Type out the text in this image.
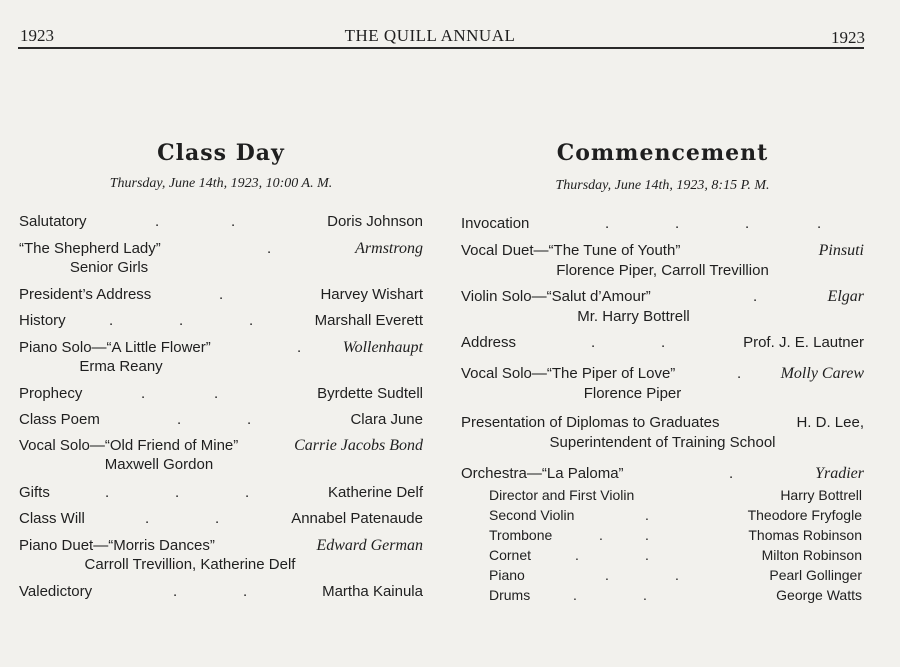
1923	THE QUILL ANNUAL	1923
Class Day
Thursday, June 14th, 1923, 10:00 A. M.
Salutatory	.	.	Doris Johnson
“The Shepherd Lady”	.	Armstrong
Senior Girls
President’s Address	.	Harvey Wishart
History	.	.	.	Marshall Everett
Piano Solo—“A Little Flower”	.	Wollenhaupt
Erma Reany
Prophecy	.	.	Byrdette Sudtell
Class Poem	.	.	Clara June
Vocal Solo—“Old Friend of Mine”	Carrie Jacobs Bond
Maxwell Gordon
Gifts	.	.	.	Katherine Delf
Class Will	.	.	Annabel Patenaude
Piano Duet—“Morris Dances”	Edward German
Carroll Trevillion, Katherine Delf
Valedictory	.	.	Martha Kainula
Commencement
Thursday, June 14th, 1923, 8:15 P. M.
Invocation	.	.	.	.
Vocal Duet—“The Tune of Youth”	Pinsuti
Florence Piper, Carroll Trevillion
Violin Solo—“Salut d’Amour”	.	Elgar
Mr. Harry Bottrell
Address	.	.	Prof. J. E. Lautner
Vocal Solo—“The Piper of Love”	. Molly Carew
Florence Piper
Presentation of Diplomas to Graduates	H. D. Lee,
Superintendent of Training School
Orchestra—“La Paloma”	.	Yradier
Director and First Violin	Harry Bottrell
Second Violin	.	Theodore Fryfogle
Trombone	.	.	Thomas Robinson
Cornet	.	.	Milton Robinson
Piano	.	.	Pearl Gollinger
Drums	.	.	George Watts
